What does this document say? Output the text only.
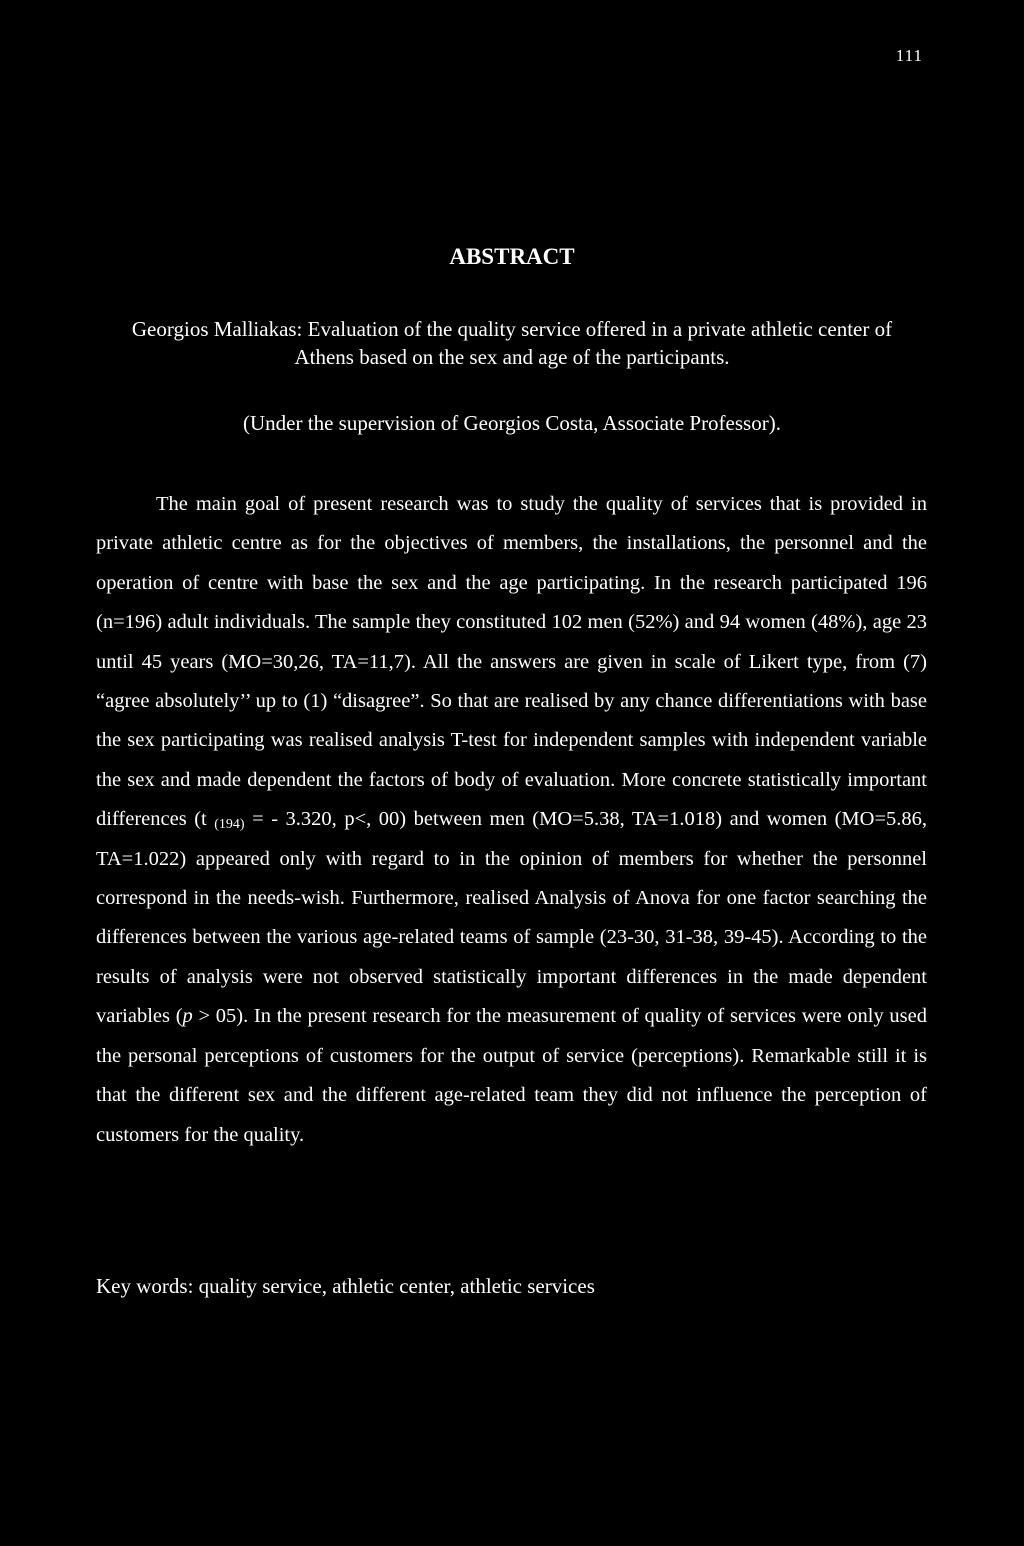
111
ABSTRACT
Georgios Malliakas: Evaluation of the quality service offered in a private athletic center of
Athens based on the sex and age of the participants.
(Under the supervision of Georgios Costa, Associate Professor).

The main goal of present research was to study the quality of services that is provided in private athletic centre as for the objectives of members, the installations, the personnel and the operation of centre with base the sex and the age participating. In the research participated 196 (n=196) adult individuals. The sample they constituted 102 men (52%) and 94 women (48%), age 23 until 45 years (MO=30,26, TA=11,7). All the answers are given in scale of Likert type, from (7) “agree absolutely’’ up to (1) “disagree”. So that are realised by any chance differentiations with base the sex participating was realised analysis T-test for independent samples with independent variable the sex and made dependent the factors of body of evaluation. More concrete statistically important differences (t $_{(194)}$ = - 3.320, p<, 00) between men (MO=5.38, TA=1.018) and women (MO=5.86, TA=1.022) appeared only with regard to in the opinion of members for whether the personnel correspond in the needs-wish. Furthermore, realised Analysis of Anova for one factor searching the differences between the various age-related teams of sample (23-30, 31-38, 39-45). According to the results of analysis were not observed statistically important differences in the made dependent variables (p > 05). In the present research for the measurement of quality of services were only used the personal perceptions of customers for the output of service (perceptions). Remarkable still it is that the different sex and the different age-related team they did not influence the perception of customers for the quality.

Key words: quality service, athletic center, athletic services
